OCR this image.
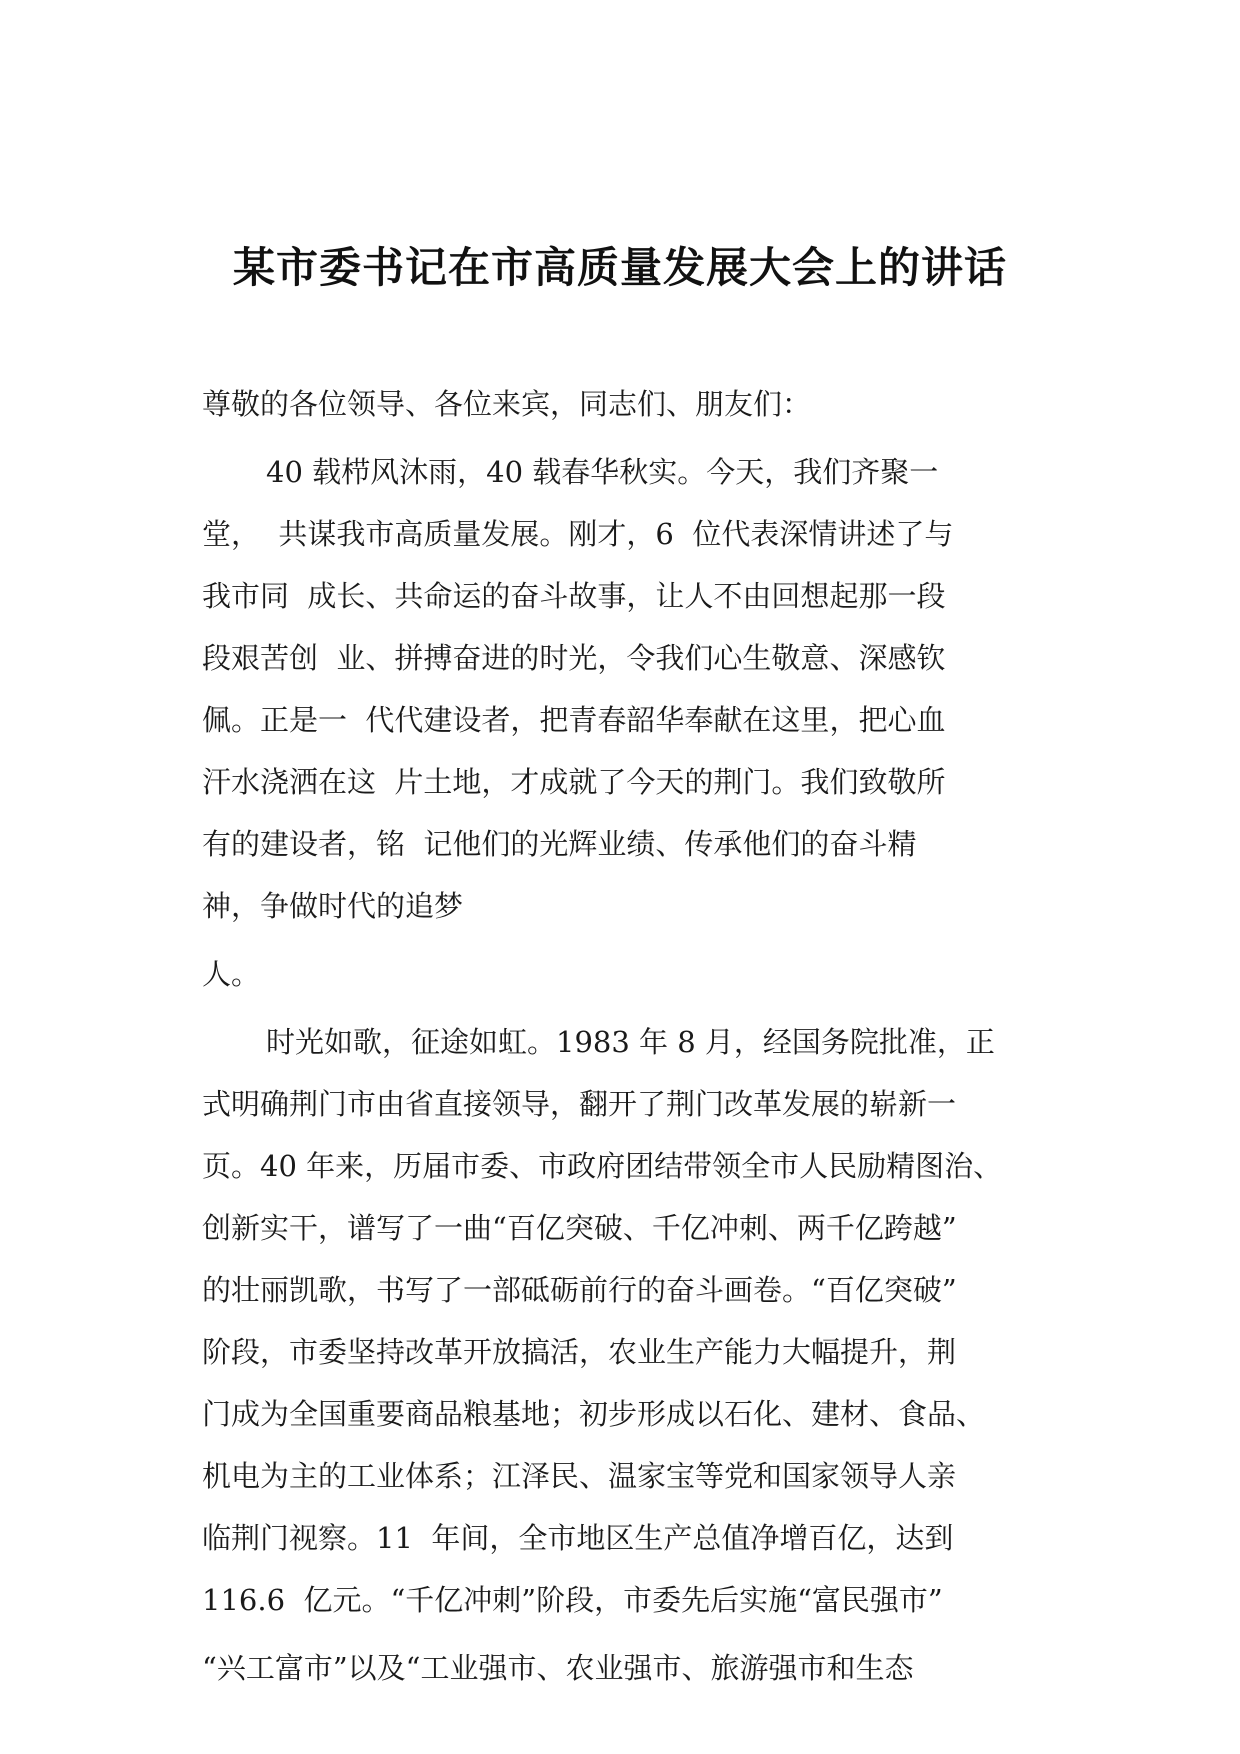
某市委书记在市高质量发展大会上的讲话

尊敬的各位领导、各位来宾，同志们、朋友们：

40 载栉风沐雨，40 载春华秋实。今天，我们齐聚一

堂，  共谋我市高质量发展。刚才，6  位代表深情讲述了与

我市同  成长、共命运的奋斗故事，让人不由回想起那一段

段艰苦创  业、拼搏奋进的时光，令我们心生敬意、深感钦

佩。正是一  代代建设者，把青春韶华奉献在这里，把心血

汗水浇洒在这  片土地，才成就了今天的荆门。我们致敬所

有的建设者，铭  记他们的光辉业绩、传承他们的奋斗精

神，争做时代的追梦

人。

时光如歌，征途如虹。1983 年 8 月，经国务院批准，正

式明确荆门市由省直接领导，翻开了荆门改革发展的崭新一

页。40 年来，历届市委、市政府团结带领全市人民励精图治、

创新实干，谱写了一曲“百亿突破、千亿冲刺、两千亿跨越”

的壮丽凯歌，书写了一部砥砺前行的奋斗画卷。“百亿突破”

阶段，市委坚持改革开放搞活，农业生产能力大幅提升，荆

门成为全国重要商品粮基地；初步形成以石化、建材、食品、

机电为主的工业体系；江泽民、温家宝等党和国家领导人亲

临荆门视察。11  年间，全市地区生产总值净增百亿，达到

116.6  亿元。“千亿冲刺”阶段，市委先后实施“富民强市”

“兴工富市”以及“工业强市、农业强市、旅游强市和生态
